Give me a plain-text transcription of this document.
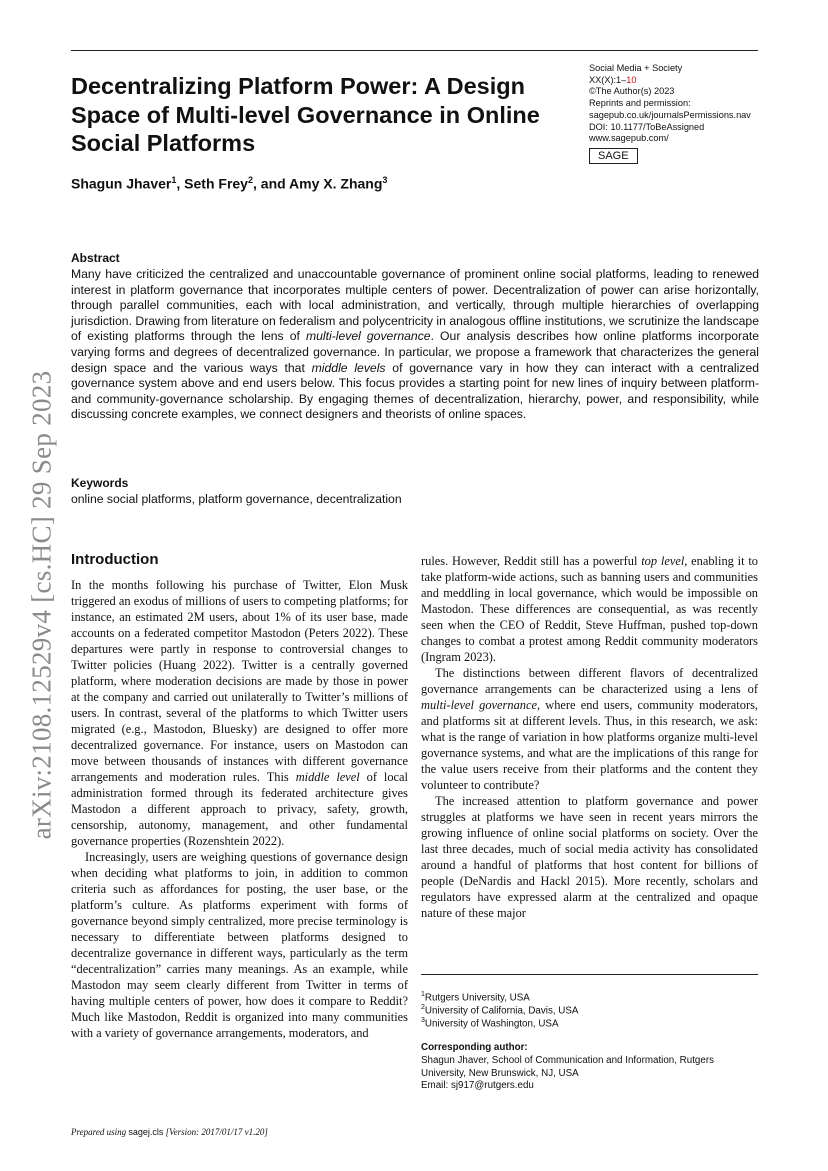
Decentralizing Platform Power: A Design Space of Multi-level Governance in Online Social Platforms
Social Media + Society
XX(X):1–10
©The Author(s) 2023
Reprints and permission:
sagepub.co.uk/journalsPermissions.nav
DOI: 10.1177/ToBeAssigned
www.sagepub.com/
SAGE
Shagun Jhaver$^1$, Seth Frey$^2$, and Amy X. Zhang$^3$
arXiv:2108.12529v4 [cs.HC] 29 Sep 2023
Abstract

Many have criticized the centralized and unaccountable governance of prominent online social platforms, leading to renewed interest in platform governance that incorporates multiple centers of power. Decentralization of power can arise horizontally, through parallel communities, each with local administration, and vertically, through multiple hierarchies of overlapping jurisdiction. Drawing from literature on federalism and polycentricity in analogous offline institutions, we scrutinize the landscape of existing platforms through the lens of multi-level governance. Our analysis describes how online platforms incorporate varying forms and degrees of decentralized governance. In particular, we propose a framework that characterizes the general design space and the various ways that middle levels of governance vary in how they can interact with a centralized governance system above and end users below. This focus provides a starting point for new lines of inquiry between platform- and community-governance scholarship. By engaging themes of decentralization, hierarchy, power, and responsibility, while discussing concrete examples, we connect designers and theorists of online spaces.

Keywords
online social platforms, platform governance, decentralization
Introduction

In the months following his purchase of Twitter, Elon Musk triggered an exodus of millions of users to competing platforms; for instance, an estimated 2M users, about 1% of its user base, made accounts on a federated competitor Mastodon (Peters 2022). These departures were partly in response to controversial changes to Twitter policies (Huang 2022). Twitter is a centrally governed platform, where moderation decisions are made by those in power at the company and carried out unilaterally to Twitter’s millions of users. In contrast, several of the platforms to which Twitter users migrated (e.g., Mastodon, Bluesky) are designed to offer more decentralized governance. For instance, users on Mastodon can move between thousands of instances with different governance arrangements and moderation rules. This middle level of local administration formed through its federated architecture gives Mastodon a different approach to privacy, safety, growth, censorship, autonomy, management, and other fundamental governance properties (Rozenshtein 2022).

Increasingly, users are weighing questions of governance design when deciding what platforms to join, in addition to common criteria such as affordances for posting, the user base, or the platform’s culture. As platforms experiment with forms of governance beyond simply centralized, more precise terminology is necessary to differentiate between platforms designed to decentralize governance in different ways, particularly as the term “decentralization” carries many meanings. As an example, while Mastodon may seem clearly different from Twitter in terms of having multiple centers of power, how does it compare to Reddit? Much like Mastodon, Reddit is organized into many communities with a variety of governance arrangements, moderators, and

rules. However, Reddit still has a powerful top level, enabling it to take platform-wide actions, such as banning users and communities and meddling in local governance, which would be impossible on Mastodon. These differences are consequential, as was recently seen when the CEO of Reddit, Steve Huffman, pushed top-down changes to combat a protest among Reddit community moderators (Ingram 2023).

The distinctions between different flavors of decentralized governance arrangements can be characterized using a lens of multi-level governance, where end users, community moderators, and platforms sit at different levels. Thus, in this research, we ask: what is the range of variation in how platforms organize multi-level governance systems, and what are the implications of this range for the value users receive from their platforms and the content they volunteer to contribute?

The increased attention to platform governance and power struggles at platforms we have seen in recent years mirrors the growing influence of online social platforms on society. Over the last three decades, much of social media activity has consolidated around a handful of platforms that host content for billions of people (DeNardis and Hackl 2015). More recently, scholars and regulators have expressed alarm at the centralized and opaque nature of these major

$^1$Rutgers University, USA
$^2$University of California, Davis, USA
$^3$University of Washington, USA
Corresponding author:
Shagun Jhaver, School of Communication and Information, Rutgers University, New Brunswick, NJ, USA
Email: sj917@rutgers.edu
Prepared using sagej.cls [Version: 2017/01/17 v1.20]
